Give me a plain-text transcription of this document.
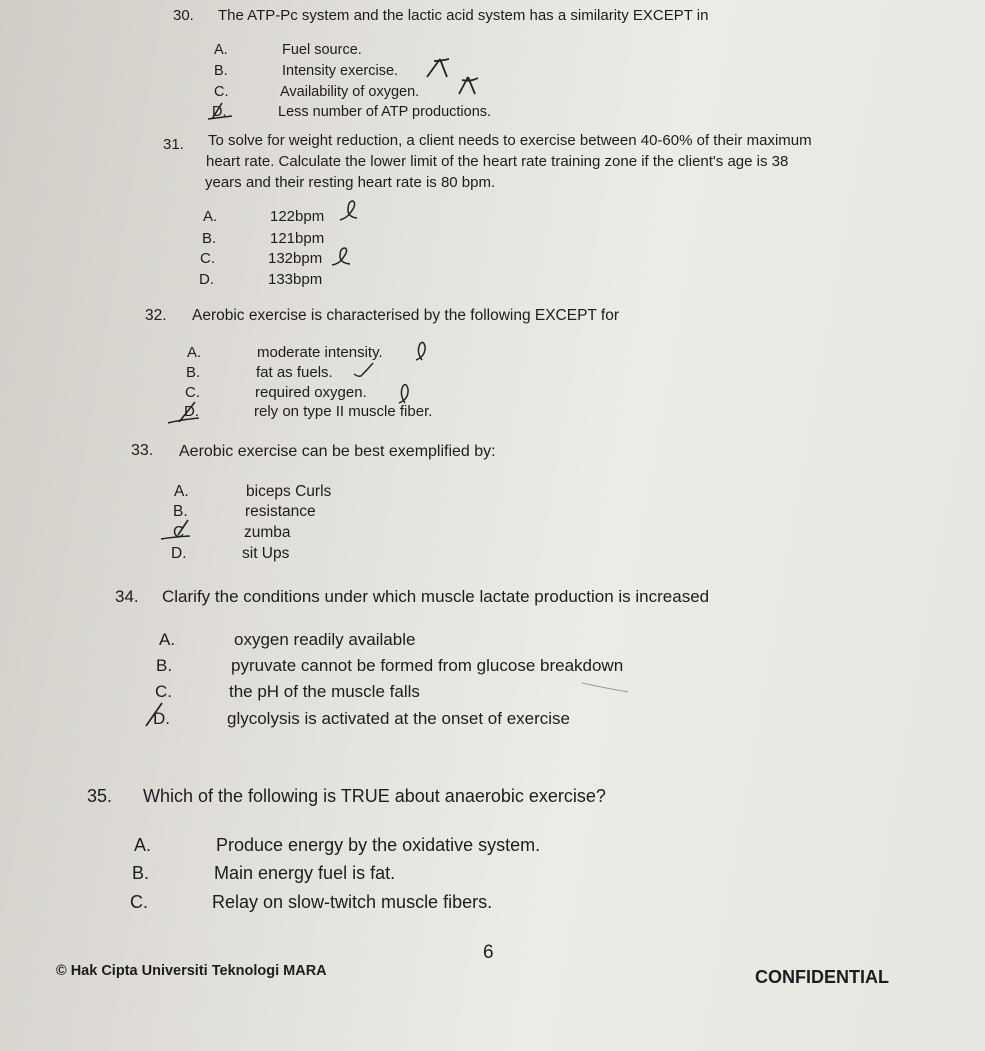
30. The ATP-Pc system and the lactic acid system has a similarity EXCEPT in
A.	Fuel source.
B.	Intensity exercise.
C.	Availability of oxygen.
D.	Less number of ATP productions.
31. To solve for weight reduction, a client needs to exercise between 40-60% of their maximum
heart rate. Calculate the lower limit of the heart rate training zone if the client's age is 38
years and their resting heart rate is 80 bpm.
A.	122bpm
B.	121bpm
C.	132bpm
D.	133bpm
32. Aerobic exercise is characterised by the following EXCEPT for
A.	moderate intensity.
B.	fat as fuels.
C.	required oxygen.
D.	rely on type II muscle fiber.
33. Aerobic exercise can be best exemplified by:
A.	biceps Curls
B.	resistance
C.	zumba
D.	sit Ups
34. Clarify the conditions under which muscle lactate production is increased
A.	oxygen readily available
B.	pyruvate cannot be formed from glucose breakdown
C.	the pH of the muscle falls
D.	glycolysis is activated at the onset of exercise
35. Which of the following is TRUE about anaerobic exercise?
A.	Produce energy by the oxidative system.
B.	Main energy fuel is fat.
C.	Relay on slow-twitch muscle fibers.
6
© Hak Cipta Universiti Teknologi MARA	CONFIDENTIAL
